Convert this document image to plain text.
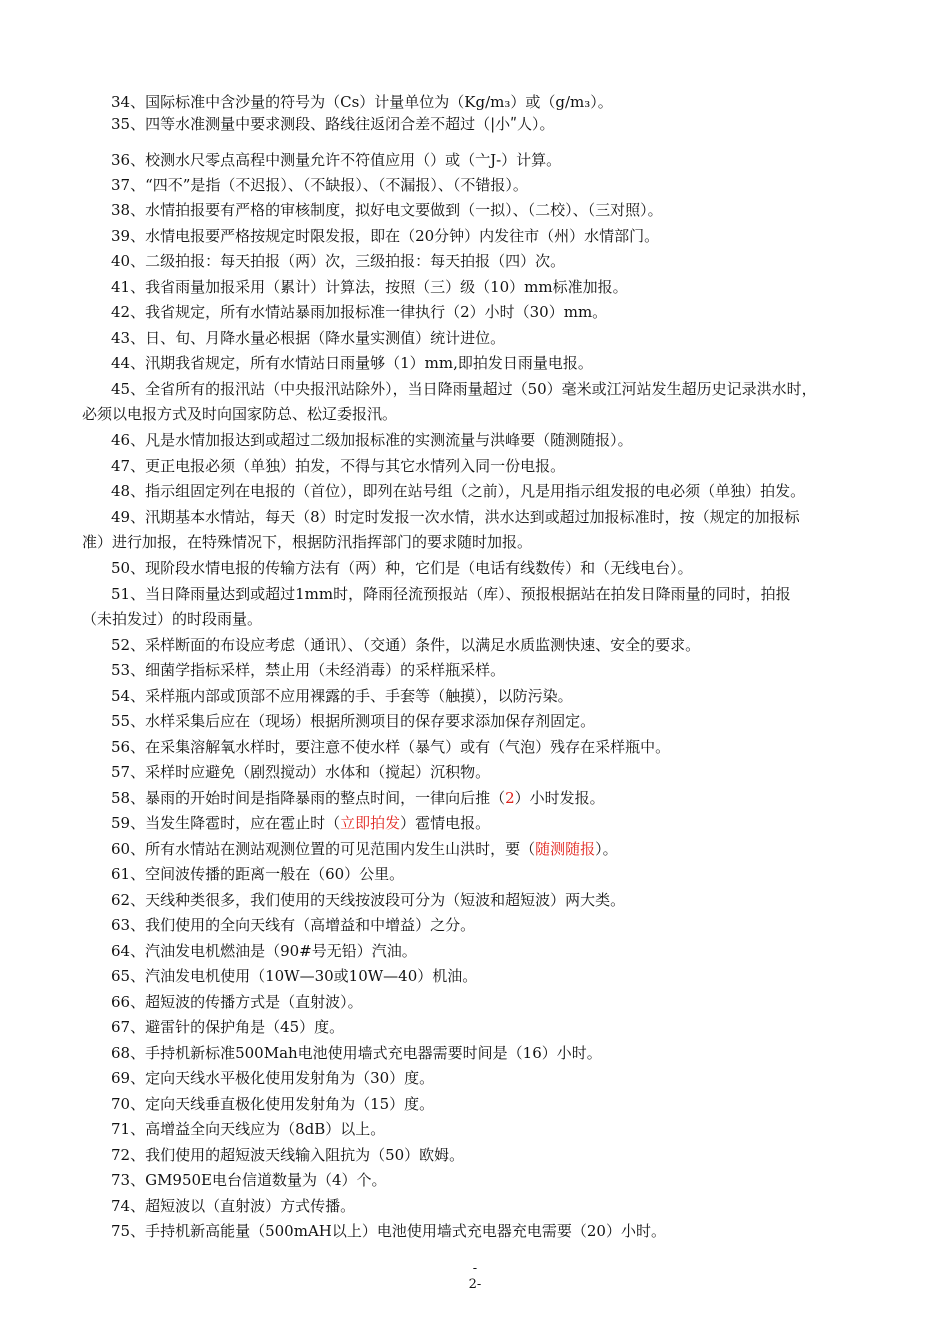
34、国际标准中含沙量的符号为（Cs）计量单位为（Kg/m₃）或（g/m₃）。
35、四等水准测量中要求测段、路线往返闭合差不超过（|小ʺ人）。
36、校测水尺零点高程中测量允许不符值应用（）或（亠J-）计算。
37、“四不”是指（不迟报）、（不缺报）、（不漏报）、（不错报）。
38、水情拍报要有严格的审核制度，拟好电文要做到（一拟）、（二校）、（三对照）。
39、水情电报要严格按规定时限发报，即在（20分钟）内发往市（州）水情部门。
40、二级拍报：每天拍报（两）次，三级拍报：每天拍报（四）次。
41、我省雨量加报采用（累计）计算法，按照（三）级（10）mm标准加报。
42、我省规定，所有水情站暴雨加报标准一律执行（2）小时（30）mm。
43、日、旬、月降水量必根据（降水量实测值）统计进位。
44、汛期我省规定，所有水情站日雨量够（1）mm,即拍发日雨量电报。
45、全省所有的报汛站（中央报汛站除外），当日降雨量超过（50）毫米或江河站发生超历史记录洪水时，
必须以电报方式及时向国家防总、松辽委报汛。
46、凡是水情加报达到或超过二级加报标准的实测流量与洪峰要（随测随报）。
47、更正电报必须（单独）拍发，不得与其它水情列入同一份电报。
48、指示组固定列在电报的（首位），即列在站号组（之前），凡是用指示组发报的电必须（单独）拍发。
49、汛期基本水情站，每天（8）时定时发报一次水情，洪水达到或超过加报标准时，按（规定的加报标
准）进行加报，在特殊情况下，根据防汛指挥部门的要求随时加报。
50、现阶段水情电报的传输方法有（两）种，它们是（电话有线数传）和（无线电台）。
51、当日降雨量达到或超过1mm时，降雨径流预报站（库）、预报根据站在拍发日降雨量的同时，拍报
（未拍发过）的时段雨量。
52、采样断面的布设应考虑（通讯）、（交通）条件，以满足水质监测快速、安全的要求。
53、细菌学指标采样，禁止用（未经消毒）的采样瓶采样。
54、采样瓶内部或顶部不应用裸露的手、手套等（触摸），以防污染。
55、水样采集后应在（现场）根据所测项目的保存要求添加保存剂固定。
56、在采集溶解氧水样时，要注意不使水样（暴气）或有（气泡）残存在采样瓶中。
57、采样时应避免（剧烈搅动）水体和（搅起）沉积物。
58、暴雨的开始时间是指降暴雨的整点时间，一律向后推（2）小时发报。
59、当发生降雹时，应在雹止时（立即拍发）雹情电报。
60、所有水情站在测站观测位置的可见范围内发生山洪时，要（随测随报）。
61、空间波传播的距离一般在（60）公里。
62、天线种类很多，我们使用的天线按波段可分为（短波和超短波）两大类。
63、我们使用的全向天线有（高增益和中增益）之分。
64、汽油发电机燃油是（90#号无铅）汽油。
65、汽油发电机使用（10W—30或10W—40）机油。
66、超短波的传播方式是（直射波）。
67、避雷针的保护角是（45）度。
68、手持机新标准500Mah电池使用墙式充电器需要时间是（16）小时。
69、定向天线水平极化使用发射角为（30）度。
70、定向天线垂直极化使用发射角为（15）度。
71、高增益全向天线应为（8dB）以上。
72、我们使用的超短波天线输入阻抗为（50）欧姆。
73、GM950E电台信道数量为（4）个。
74、超短波以（直射波）方式传播。
75、手持机新高能量（500mAH以上）电池使用墙式充电器充电需要（20）小时。
-
2-
